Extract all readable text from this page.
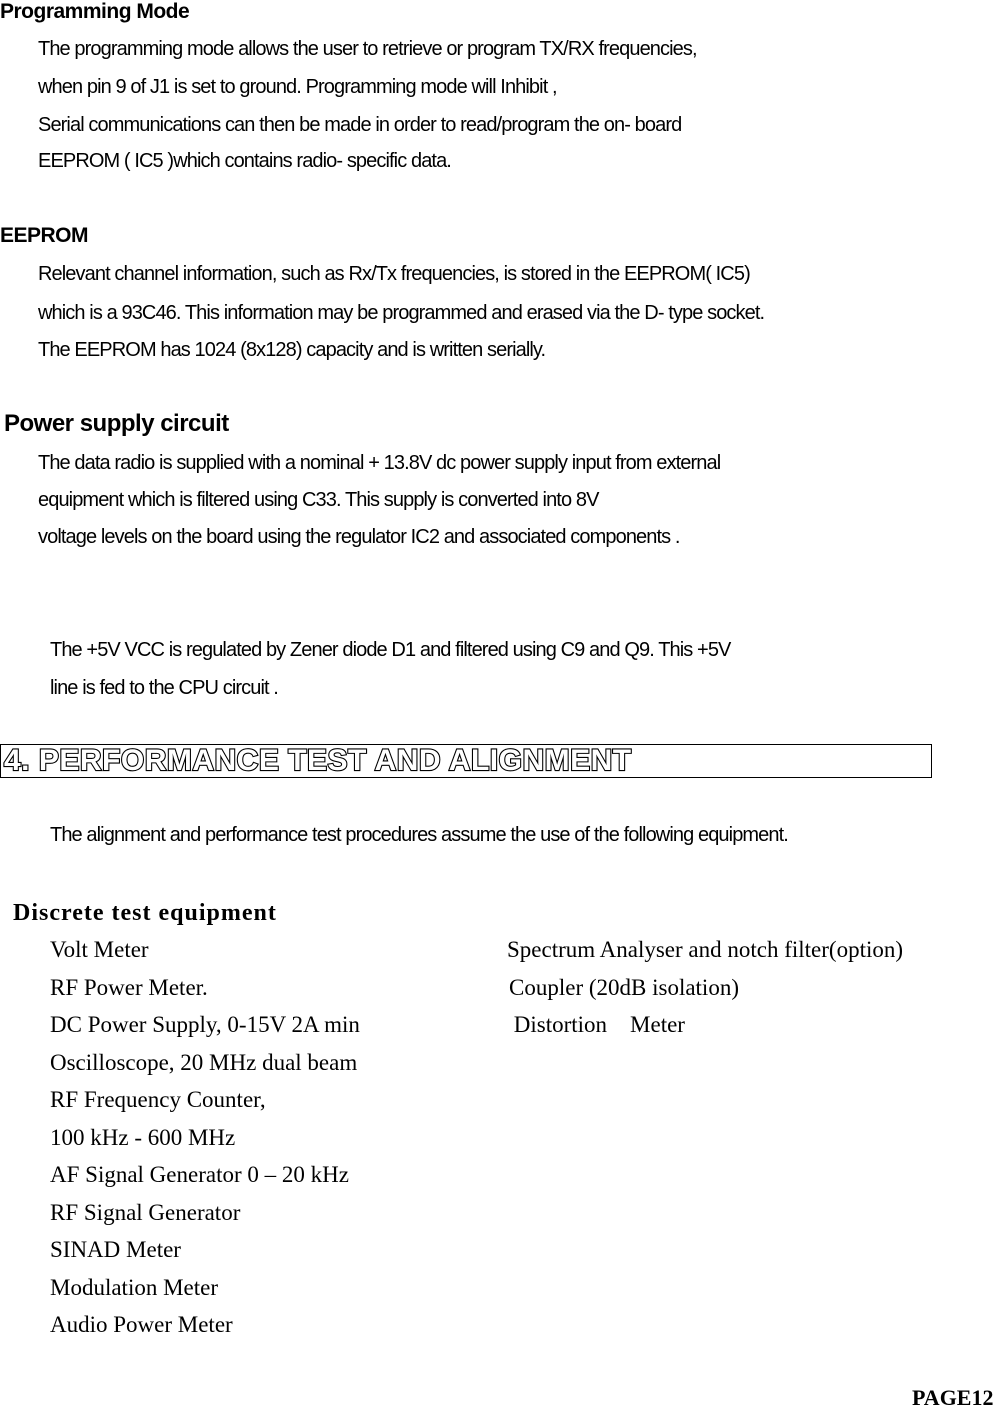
Programming Mode
The programming mode allows the user to retrieve or program TX/RX frequencies,
when pin 9 of J1 is set to ground. Programming mode will Inhibit ,
Serial communications can then be made in order to read/program the on- board
EEPROM ( IC5 )which contains radio- specific data.
EEPROM
Relevant channel information, such as Rx/Tx frequencies, is stored in the EEPROM( IC5)
which is a 93C46. This information may be programmed and erased via the D- type socket.
The EEPROM has 1024 (8x128) capacity and is written serially.
Power supply circuit
The data radio is supplied with a nominal + 13.8V dc power supply input from external
equipment which is filtered using C33. This supply is converted into 8V
voltage levels on the board using the regulator IC2 and associated components .
The +5V VCC is regulated by Zener diode D1 and filtered using C9 and Q9. This +5V
line is fed to the CPU circuit .
4. PERFORMANCE TEST AND ALIGNMENT
The alignment and performance test procedures assume the use of the following equipment.
Discrete test equipment
Volt Meter
RF Power Meter.
DC Power Supply, 0-15V 2A min
Oscilloscope, 20 MHz dual beam
RF Frequency Counter,
100 kHz - 600 MHz
AF Signal Generator 0 – 20 kHz
RF Signal Generator
SINAD Meter
Modulation Meter
Audio Power Meter
Spectrum Analyser and notch filter(option)
Coupler (20dB isolation)
Distortion    Meter
PAGE12
